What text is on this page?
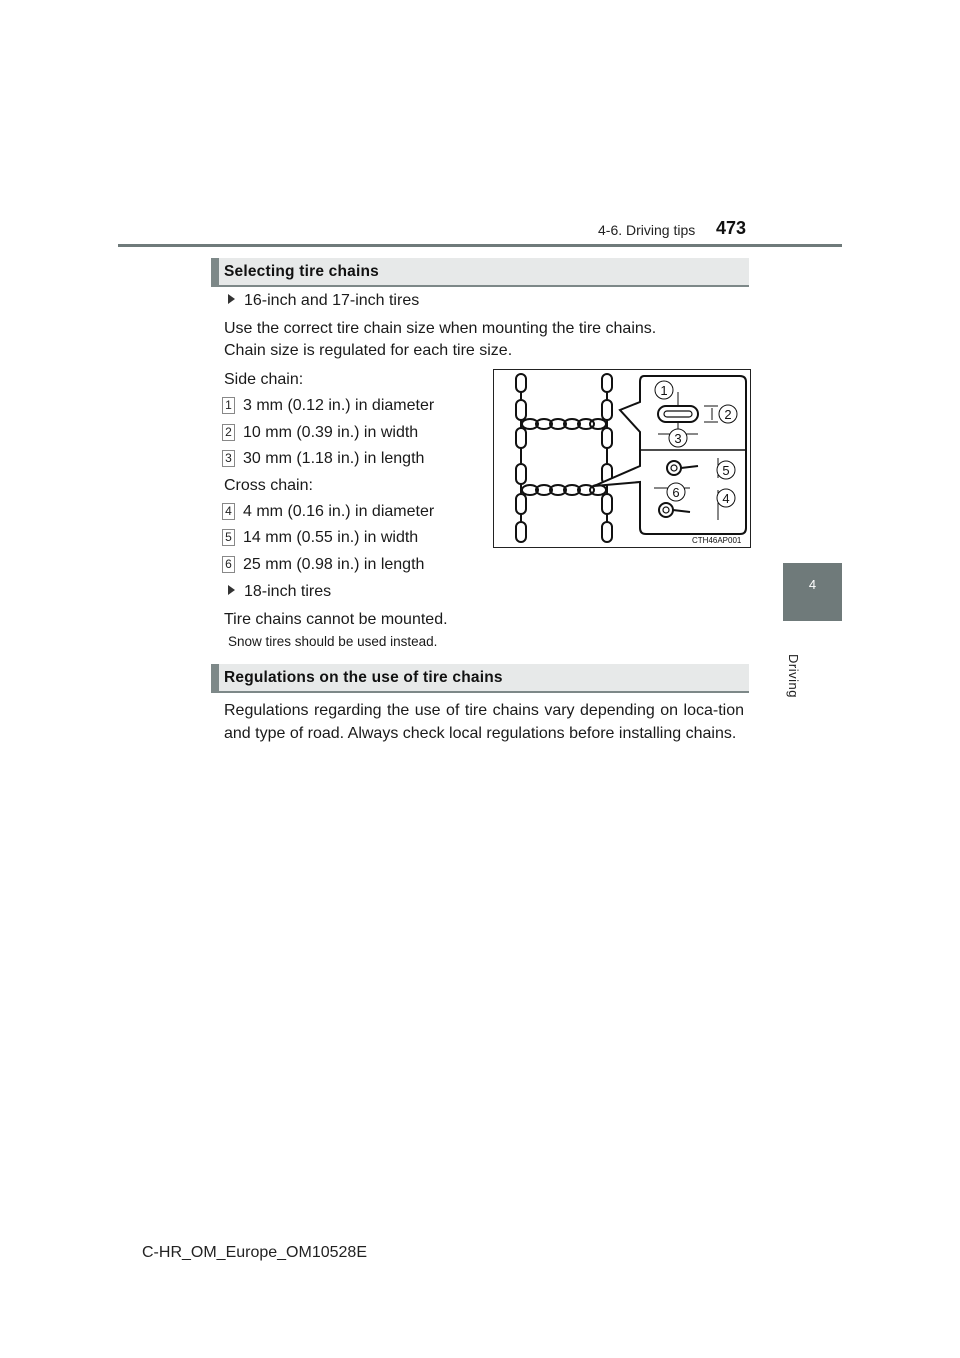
4-6. Driving tips 473
4
Driving
Selecting tire chains
16-inch and 17-inch tires
Use the correct tire chain size when mounting the tire chains.
Chain size is regulated for each tire size.
Side chain:
1 3 mm (0.12 in.) in diameter
2 10 mm (0.39 in.) in width
3 30 mm (1.18 in.) in length
Cross chain:
4 4 mm (0.16 in.) in diameter
5 14 mm (0.55 in.) in width
6 25 mm (0.98 in.) in length
18-inch tires
Tire chains cannot be mounted.
Snow tires should be used instead.
1
2
3
4
5
6
CTH46AP001
Regulations on the use of tire chains
Regulations regarding the use of tire chains vary depending on loca-tion and type of road. Always check local regulations before installing chains.
C-HR_OM_Europe_OM10528E
